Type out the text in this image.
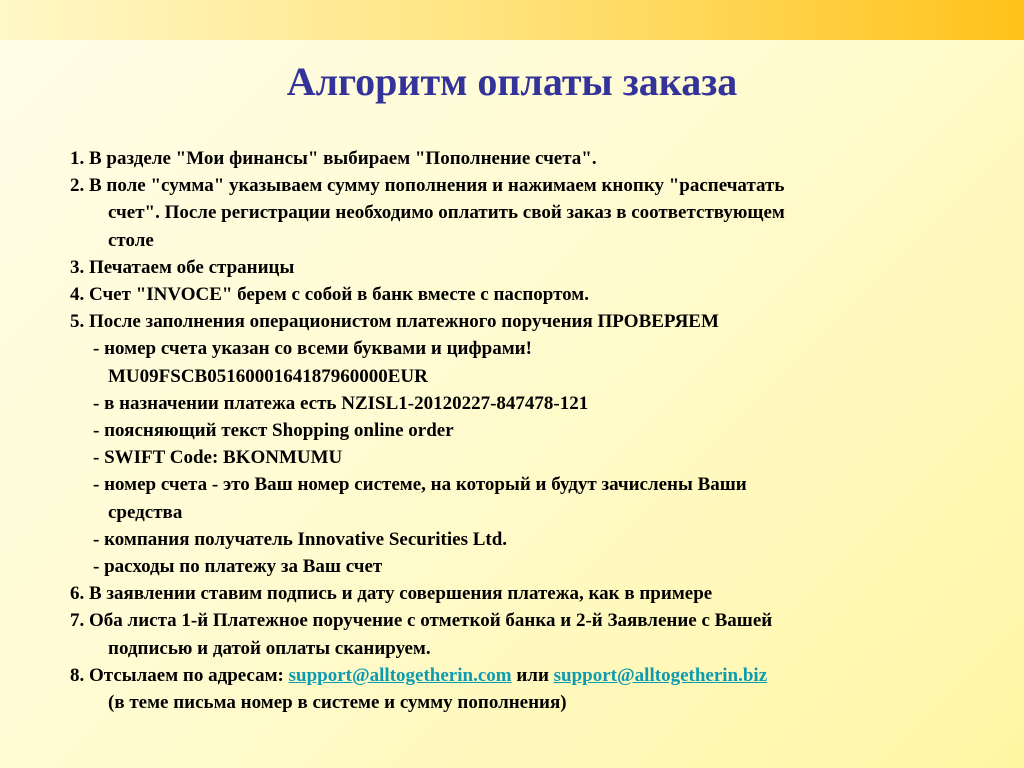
Алгоритм оплаты заказа
1. В разделе "Мои финансы" выбираем "Пополнение счета".
2. В поле "сумма" указываем сумму пополнения и нажимаем кнопку "распечатать
счет". После регистрации необходимо оплатить свой заказ в соответствующем
столе
3. Печатаем обе страницы
4. Счет "INVOCE" берем с собой в банк вместе с паспортом.
5. После заполнения операционистом платежного поручения ПРОВЕРЯЕМ
- номер счета указан со всеми буквами и цифрами!
MU09FSCB0516000164187960000EUR
- в назначении платежа есть NZISL1-20120227-847478-121
- поясняющий текст Shopping online order
- SWIFT Code: BKONMUMU
- номер счета - это Ваш номер системе, на который и будут зачислены Ваши
средства
- компания получатель Innovative Securities Ltd.
- расходы по платежу за Ваш счет
6. В заявлении ставим подпись и дату совершения платежа, как в примере
7. Оба листа 1-й Платежное поручение с отметкой банка и 2-й Заявление с Вашей
подписью и датой оплаты сканируем.
8. Отсылаем по адресам: support@alltogetherin.com или support@alltogetherin.biz
(в теме письма номер в системе и сумму пополнения)
